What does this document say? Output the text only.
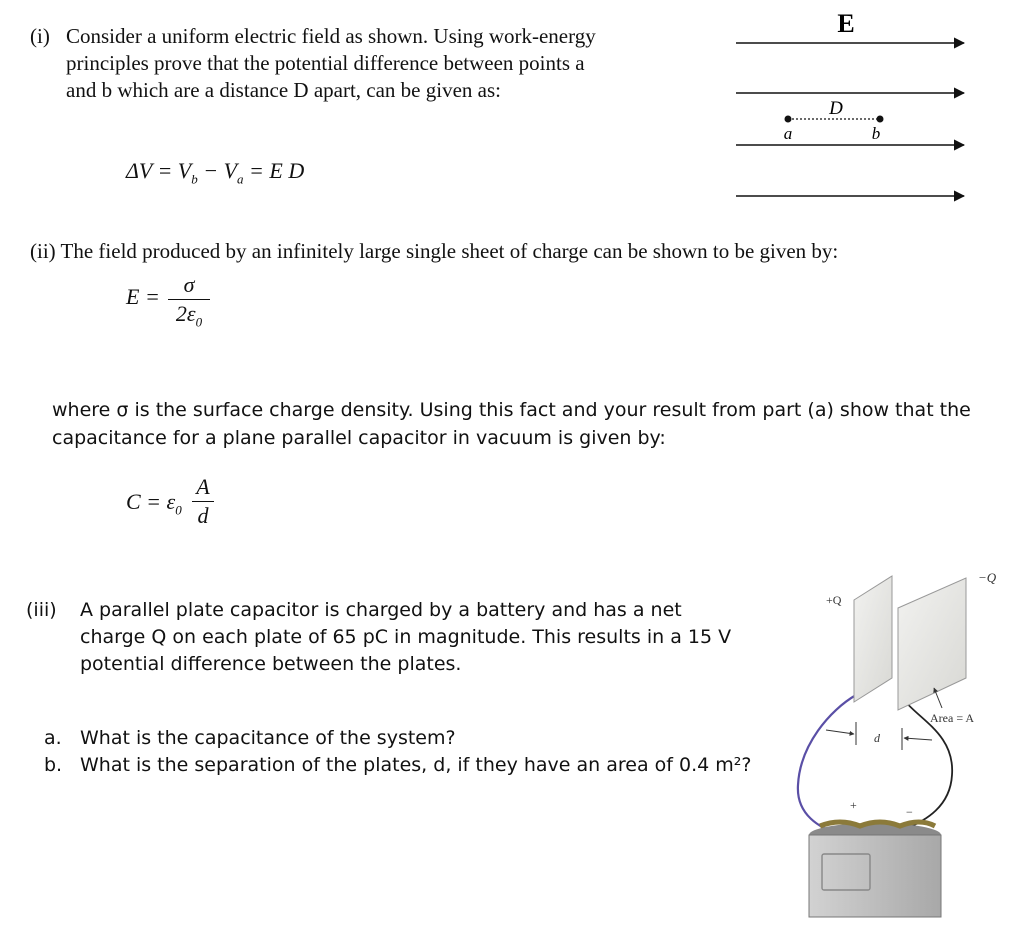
(i) Consider a uniform electric field as shown. Using work-energy
principles prove that the potential difference between points a
and b which are a distance D apart, can be given as:
$\Delta V = V_b - V_a = E$ D
E
D
a	b
(ii) The field produced by an infinitely large single sheet of charge can be shown to be given by:
E = σ
$2\varepsilon_0$
where σ is the surface charge density. Using this fact and your result from part (a) show that the
capacitance for a plane parallel capacitor in vacuum is given by:
$C = \varepsilon_0$
A
d
(iii) A parallel plate capacitor is charged by a battery and has a net
charge Q on each plate of 65 pC in magnitude. This results in a 15 V
potential difference between the plates.
a. What is the capacitance of the system?
b. What is the separation of the plates, d, if they have an area of 0.4 m²?
+Q
−Q
Area = A
d
+	−
